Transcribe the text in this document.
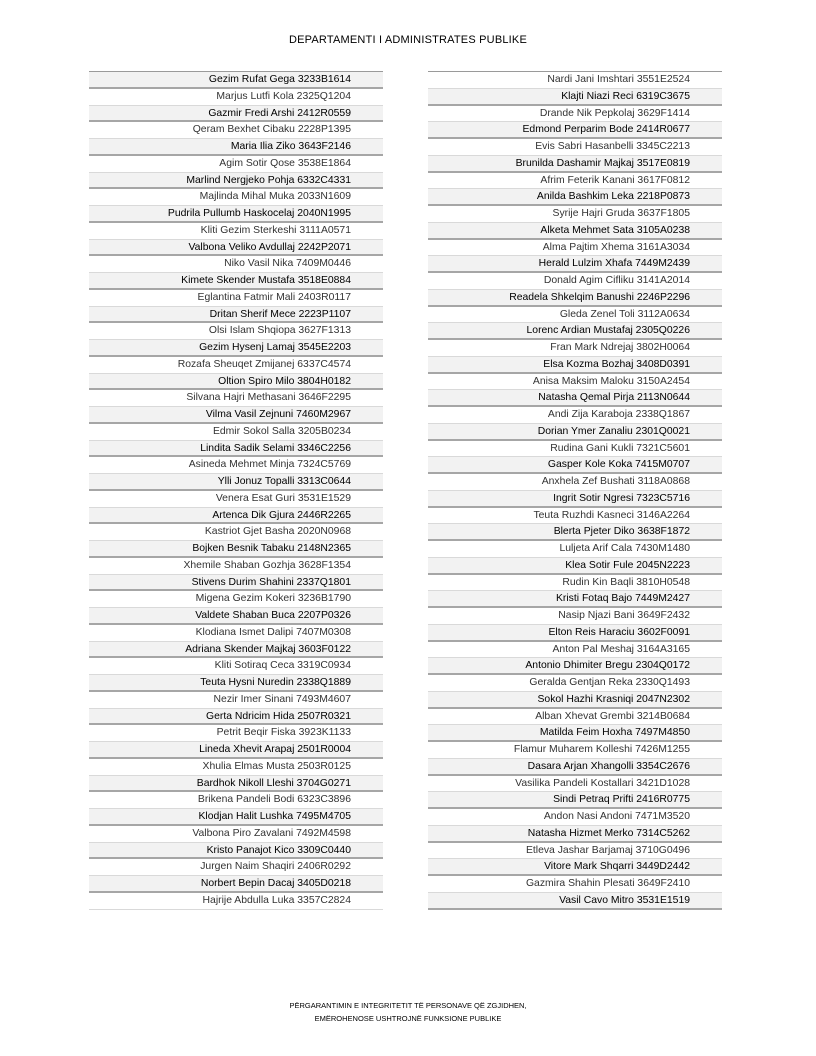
DEPARTAMENTI I ADMINISTRATES PUBLIKE
Gezim Rufat Gega 3233B1614
Marjus Lutfi Kola 2325Q1204
Gazmir Fredi Arshi 2412R0559
Qeram Bexhet Cibaku 2228P1395
Maria Ilia Ziko 3643F2146
Agim Sotir Qose 3538E1864
Marlind Nergjeko Pohja 6332C4331
Majlinda Mihal Muka 2033N1609
Pudrila Pullumb Haskocelaj 2040N1995
Kliti Gezim Sterkeshi 3111A0571
Valbona Veliko Avdullaj 2242P2071
Niko Vasil Nika 7409M0446
Kimete Skender Mustafa 3518E0884
Eglantina Fatmir Mali 2403R0117
Dritan Sherif Mece 2223P1107
Olsi Islam Shqiopa 3627F1313
Gezim Hysenj Lamaj 3545E2203
Rozafa Sheuqet Zmijanej 6337C4574
Oltion Spiro Milo 3804H0182
Silvana Hajri Methasani 3646F2295
Vilma Vasil Zejnuni 7460M2967
Edmir Sokol Salla 3205B0234
Lindita Sadik Selami 3346C2256
Asineda Mehmet Minja 7324C5769
Ylli Jonuz Topalli 3313C0644
Venera Esat Guri 3531E1529
Artenca Dik Gjura 2446R2265
Kastriot Gjet Basha 2020N0968
Bojken Besnik Tabaku 2148N2365
Xhemile Shaban Gozhja 3628F1354
Stivens Durim Shahini 2337Q1801
Migena Gezim Kokeri 3236B1790
Valdete Shaban Buca 2207P0326
Klodiana Ismet Dalipi 7407M0308
Adriana Skender Majkaj 3603F0122
Kliti Sotiraq Ceca 3319C0934
Teuta Hysni Nuredin 2338Q1889
Nezir Imer Sinani 7493M4607
Gerta Ndricim Hida 2507R0321
Petrit Beqir Fiska 3923K1133
Lineda Xhevit Arapaj 2501R0004
Xhulia Elmas Musta 2503R0125
Bardhok Nikoll Lleshi 3704G0271
Brikena Pandeli Bodi 6323C3896
Klodjan Halit Lushka 7495M4705
Valbona Piro Zavalani 7492M4598
Kristo Panajot Kico 3309C0440
Jurgen Naim Shaqiri 2406R0292
Norbert Bepin Dacaj 3405D0218
Hajrije Abdulla Luka 3357C2824
Nardi Jani Imshtari 3551E2524
Klajti Niazi Reci 6319C3675
Drande Nik Pepkolaj 3629F1414
Edmond Perparim Bode 2414R0677
Evis Sabri Hasanbelli 3345C2213
Brunilda Dashamir Majkaj 3517E0819
Afrim Feterik Kanani 3617F0812
Anilda Bashkim Leka 2218P0873
Syrije Hajri Gruda 3637F1805
Alketa Mehmet Sata 3105A0238
Alma Pajtim Xhema 3161A3034
Herald Lulzim Xhafa 7449M2439
Donald Agim Cifliku 3141A2014
Readela Shkelqim Banushi 2246P2296
Gleda Zenel Toli 3112A0634
Lorenc Ardian Mustafaj 2305Q0226
Fran Mark Ndrejaj 3802H0064
Elsa Kozma Bozhaj 3408D0391
Anisa Maksim Maloku 3150A2454
Natasha Qemal Pirja 2113N0644
Andi Zija Karaboja 2338Q1867
Dorian Ymer Zanaliu 2301Q0021
Rudina Gani Kukli 7321C5601
Gasper Kole Koka 7415M0707
Anxhela Zef Bushati 3118A0868
Ingrit Sotir Ngresi 7323C5716
Teuta Ruzhdi Kasneci 3146A2264
Blerta Pjeter Diko 3638F1872
Luljeta Arif Cala 7430M1480
Klea Sotir Fule 2045N2223
Rudin Kin Baqli 3810H0548
Kristi Fotaq Bajo 7449M2427
Nasip Njazi Bani 3649F2432
Elton Reis Haraciu 3602F0091
Anton Pal Meshaj 3164A3165
Antonio Dhimiter Bregu 2304Q0172
Geralda Gentjan Reka 2330Q1493
Sokol Hazhi Krasniqi 2047N2302
Alban Xhevat Grembi 3214B0684
Matilda Feim Hoxha 7497M4850
Flamur Muharem Kolleshi 7426M1255
Dasara Arjan Xhangolli 3354C2676
Vasilika Pandeli Kostallari 3421D1028
Sindi Petraq Prifti 2416R0775
Andon Nasi Andoni 7471M3520
Natasha Hizmet Merko 7314C5262
Etleva Jashar Barjamaj 3710G0496
Vitore Mark Shqarri 3449D2442
Gazmira Shahin Plesati 3649F2410
Vasil Cavo Mitro 3531E1519
PËRGARANTIMIN E INTEGRITETIT TË PERSONAVE QË ZGJIDHEN,
EMËROHENOSE USHTROJNË FUNKSIONE PUBLIKE
